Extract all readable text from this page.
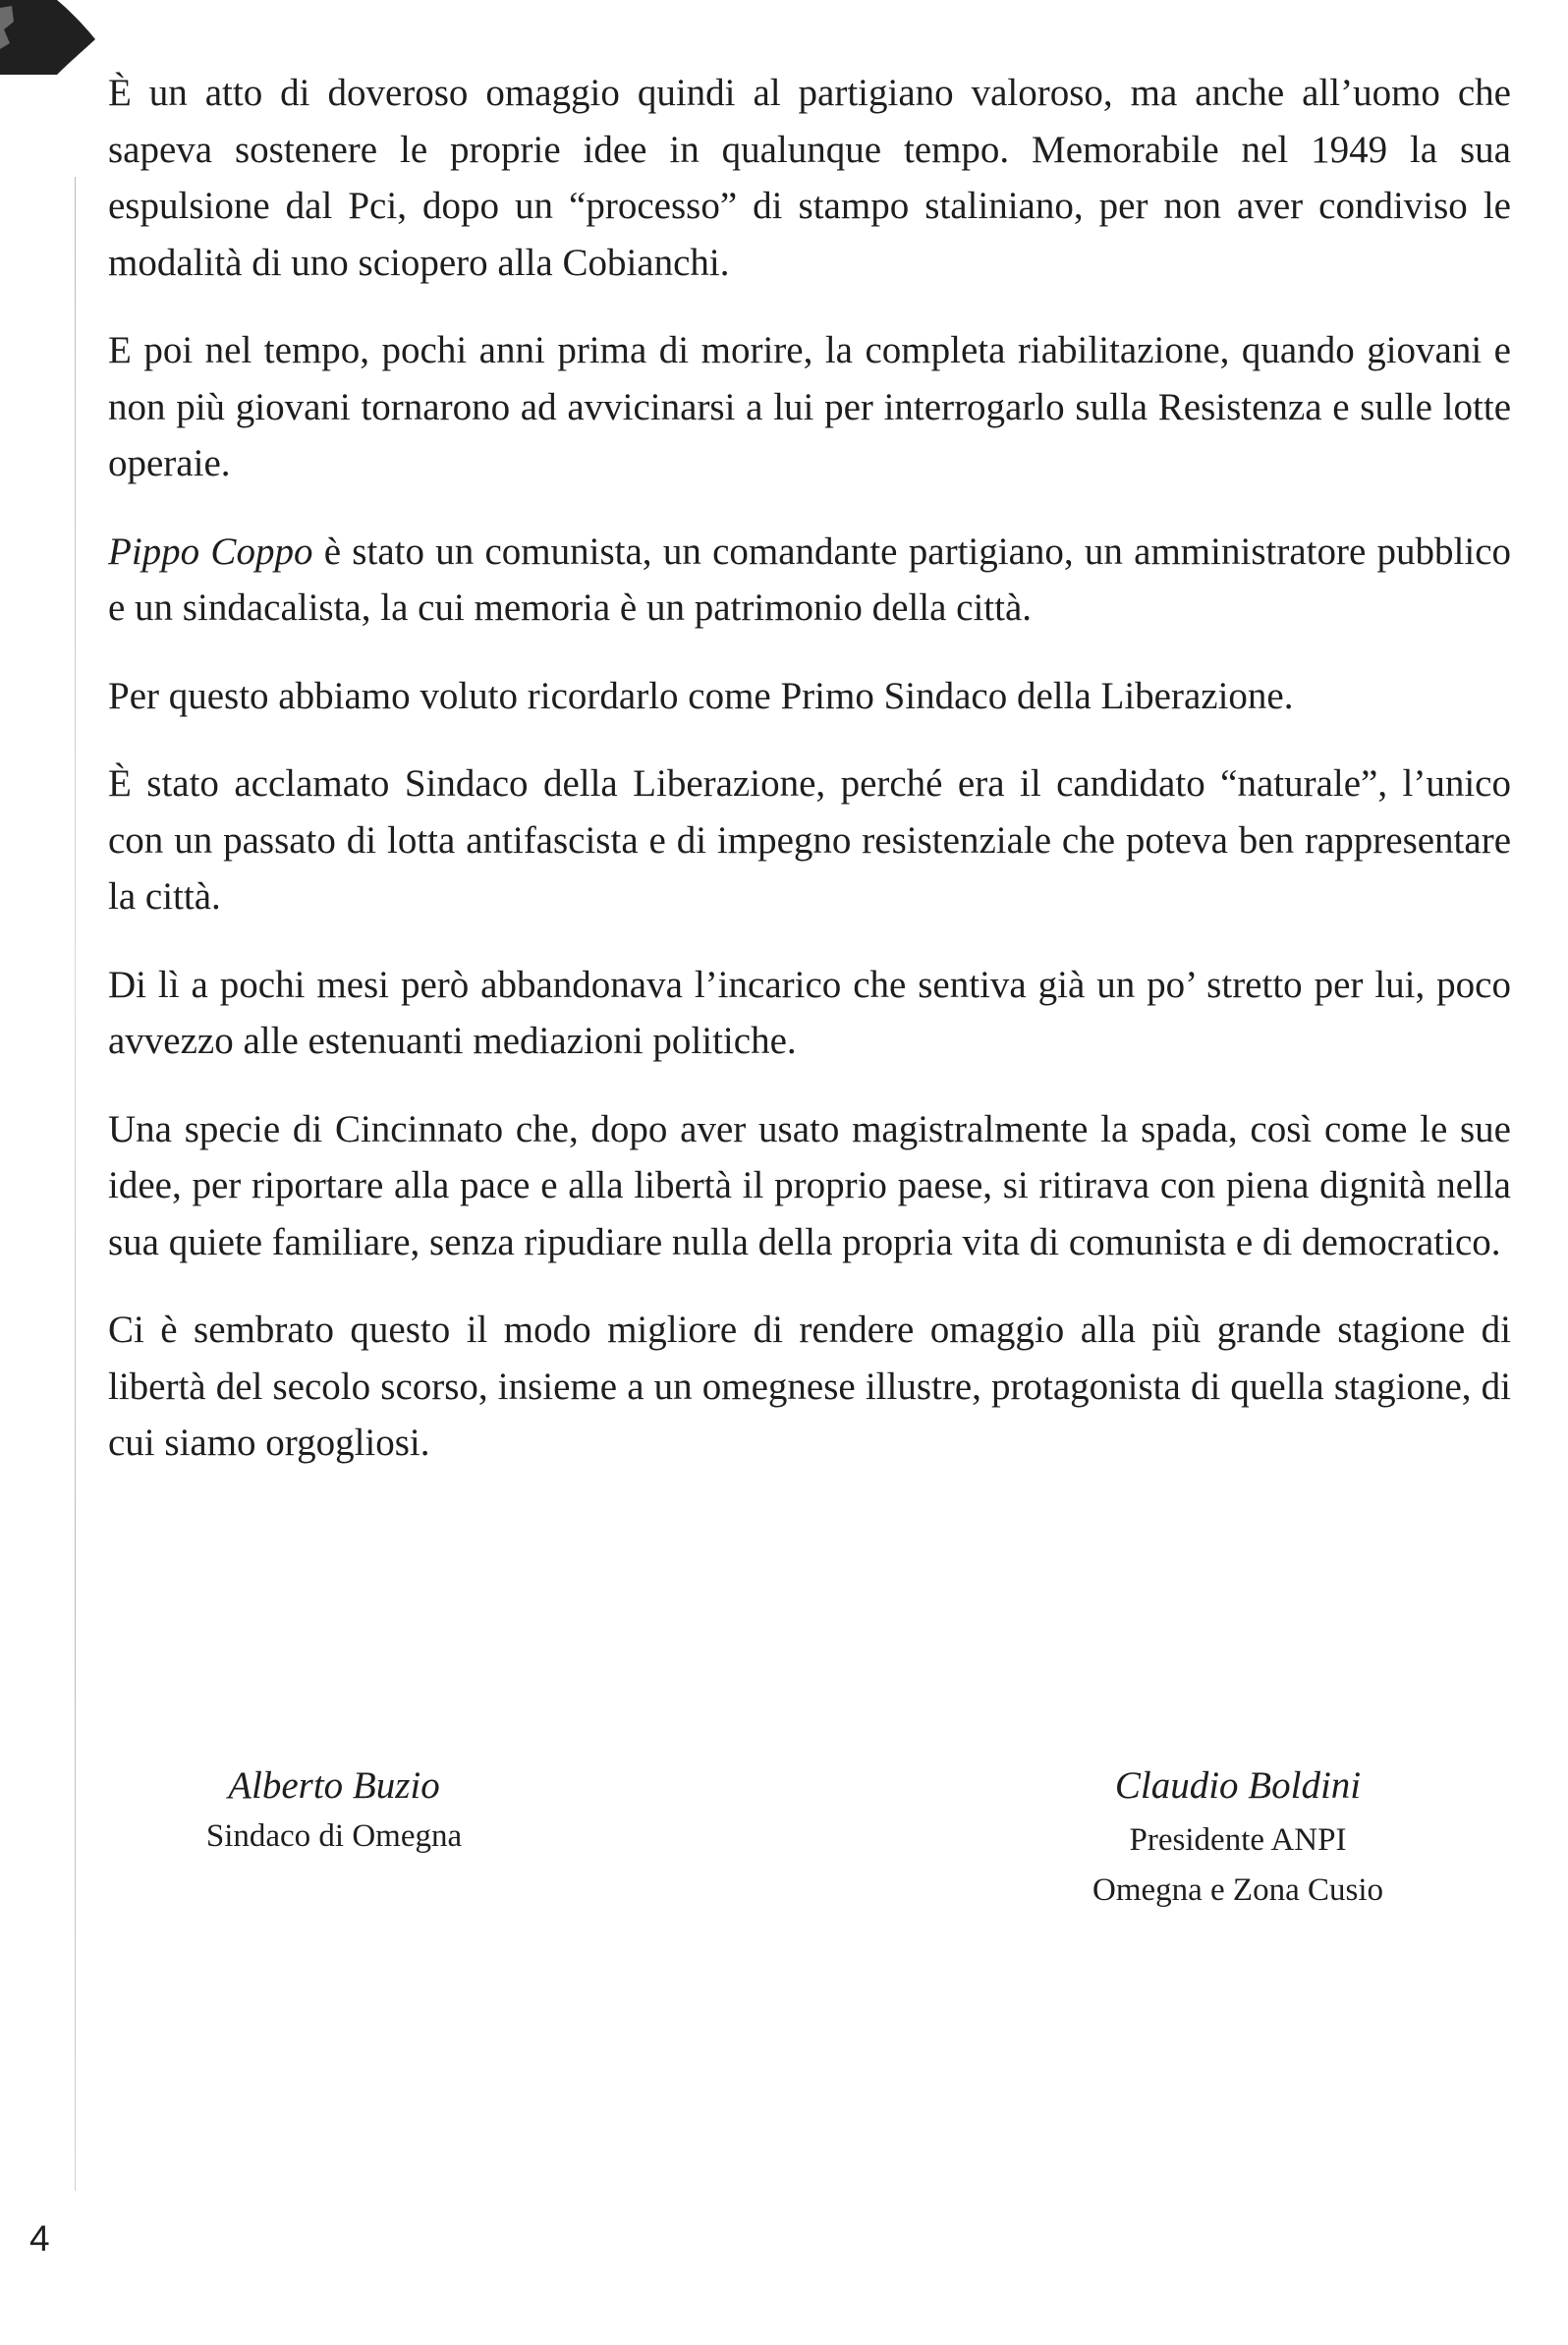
È un atto di doveroso omaggio quindi al partigiano valoroso, ma anche all’uomo che sapeva sostenere le proprie idee in qualunque tempo. Memorabile nel 1949 la sua espulsione dal Pci, dopo un “processo” di stampo staliniano, per non aver condiviso le modalità di uno sciopero alla Cobianchi.

E poi nel tempo, pochi anni prima di morire, la completa riabilitazione, quando giovani e non più giovani tornarono ad avvicinarsi a lui per interrogarlo sulla Resistenza e sulle lotte operaie.

Pippo Coppo è stato un comunista, un comandante partigiano, un amministratore pubblico e un sindacalista, la cui memoria è un patrimonio della città.

Per questo abbiamo voluto ricordarlo come Primo Sindaco della Liberazione.

È stato acclamato Sindaco della Liberazione, perché era il candidato “naturale”, l’unico con un passato di lotta antifascista e di impegno resistenziale che poteva ben rappresentare la città.

Di lì a pochi mesi però abbandonava l’incarico che sentiva già un po’ stretto per lui, poco avvezzo alle estenuanti mediazioni politiche.

Una specie di Cincinnato che, dopo aver usato magistralmente la spada, così come le sue idee, per riportare alla pace e alla libertà il proprio paese, si ritirava con piena dignità nella sua quiete familiare, senza ripudiare nulla della propria vita di comunista e di democratico.

Ci è sembrato questo il modo migliore di rendere omaggio alla più grande stagione di libertà del secolo scorso, insieme a un omegnese illustre, protagonista di quella stagione, di cui siamo orgogliosi.

Alberto Buzio

Sindaco di Omegna

Claudio Boldini

Presidente ANPI

Omegna e Zona Cusio

4
